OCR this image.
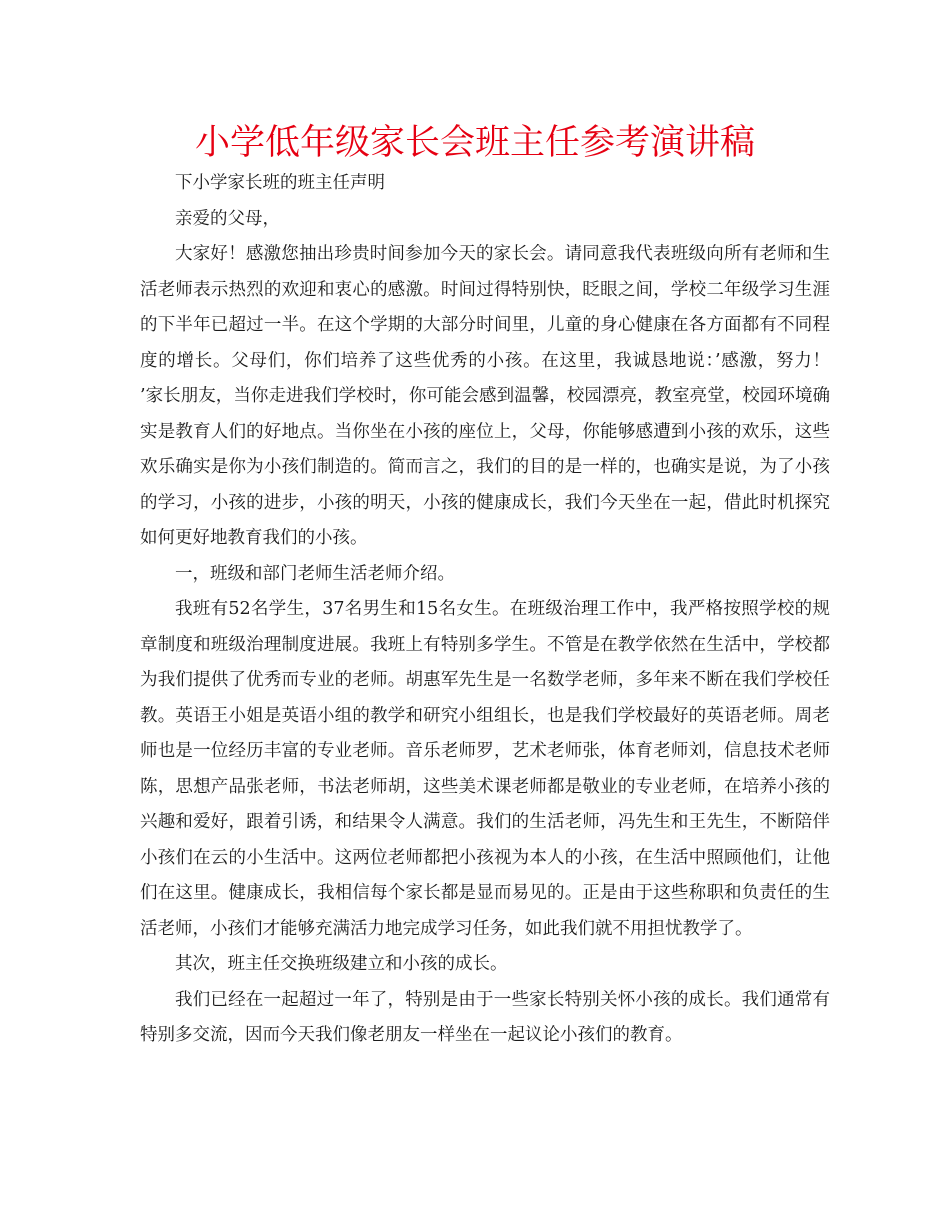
小学低年级家长会班主任参考演讲稿

下小学家长班的班主任声明

亲爱的父母，

大家好！感激您抽出珍贵时间参加今天的家长会。请同意我代表班级向所有老师和生活老师表示热烈的欢迎和衷心的感激。时间过得特别快，眨眼之间，学校二年级学习生涯的下半年已超过一半。在这个学期的大部分时间里，儿童的身心健康在各方面都有不同程度的增长。父母们，你们培养了这些优秀的小孩。在这里，我诚恳地说：’感激，努力！ ’家长朋友，当你走进我们学校时，你可能会感到温馨，校园漂亮，教室亮堂，校园环境确实是教育人们的好地点。当你坐在小孩的座位上，父母，你能够感遭到小孩的欢乐，这些欢乐确实是你为小孩们制造的。简而言之，我们的目的是一样的，也确实是说，为了小孩的学习，小孩的进步，小孩的明天，小孩的健康成长，我们今天坐在一起，借此时机探究如何更好地教育我们的小孩。

一，班级和部门老师生活老师介绍。

我班有52名学生，37名男生和15名女生。在班级治理工作中，我严格按照学校的规章制度和班级治理制度进展。我班上有特别多学生。不管是在教学依然在生活中，学校都为我们提供了优秀而专业的老师。胡惠军先生是一名数学老师，多年来不断在我们学校任教。英语王小姐是英语小组的教学和研究小组组长，也是我们学校最好的英语老师。周老师也是一位经历丰富的专业老师。音乐老师罗，艺术老师张，体育老师刘，信息技术老师陈，思想产品张老师，书法老师胡，这些美术课老师都是敬业的专业老师，在培养小孩的兴趣和爱好，跟着引诱，和结果令人满意。我们的生活老师，冯先生和王先生，不断陪伴小孩们在云的小生活中。这两位老师都把小孩视为本人的小孩，在生活中照顾他们，让他们在这里。健康成长，我相信每个家长都是显而易见的。正是由于这些称职和负责任的生活老师，小孩们才能够充满活力地完成学习任务，如此我们就不用担忧教学了。

其次，班主任交换班级建立和小孩的成长。

我们已经在一起超过一年了，特别是由于一些家长特别关怀小孩的成长。我们通常有特别多交流，因而今天我们像老朋友一样坐在一起议论小孩们的教育。
